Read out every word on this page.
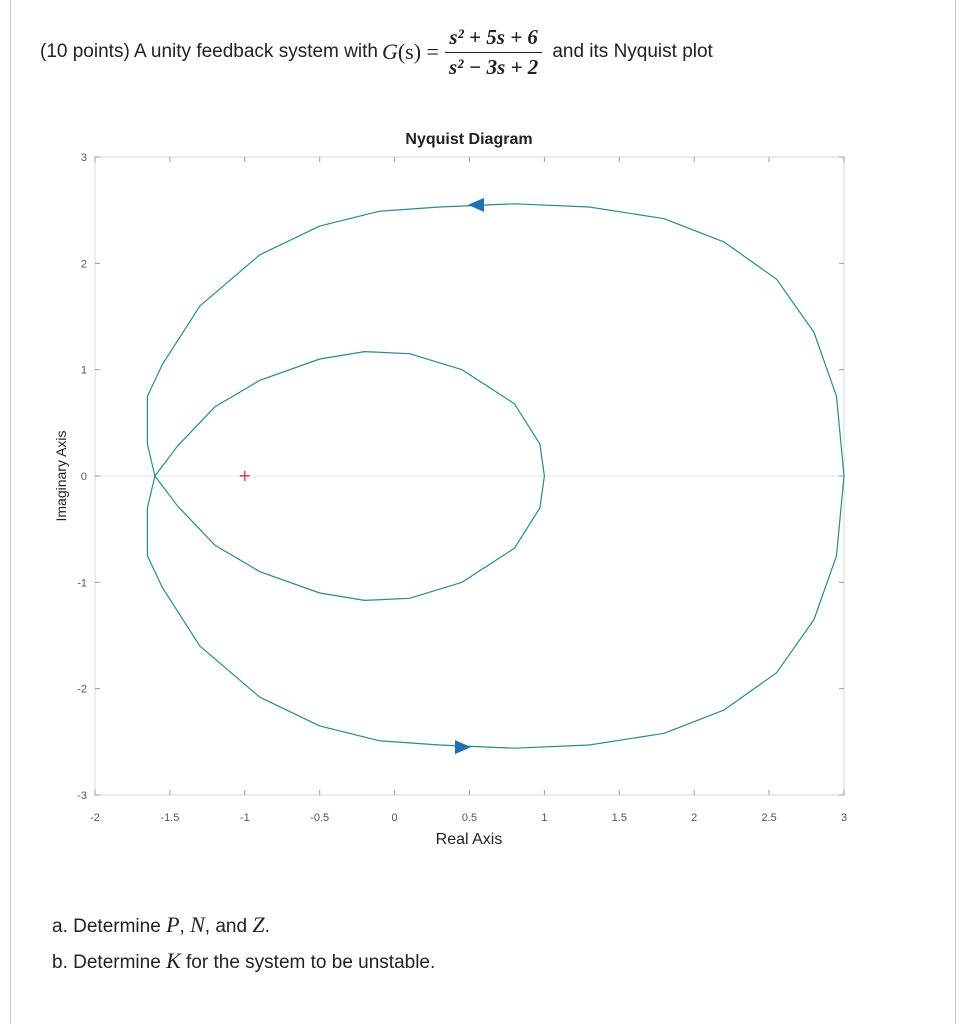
(10 points) A unity feedback system with G $(s) = \frac{\text{s² + 5s + 6}}{\text{s² − 3s + 2}}$ and its Nyquist plot
Nyquist Diagram
-2	-1.5	-1	-0.5	0	0.5	1	1.5	2	2.5	3
-3
-2
-1
0
1
2
3
+
Real Axis
Imaginary Axis
a. Determine P, N, and Z.
b. Determine K for the system to be unstable.
